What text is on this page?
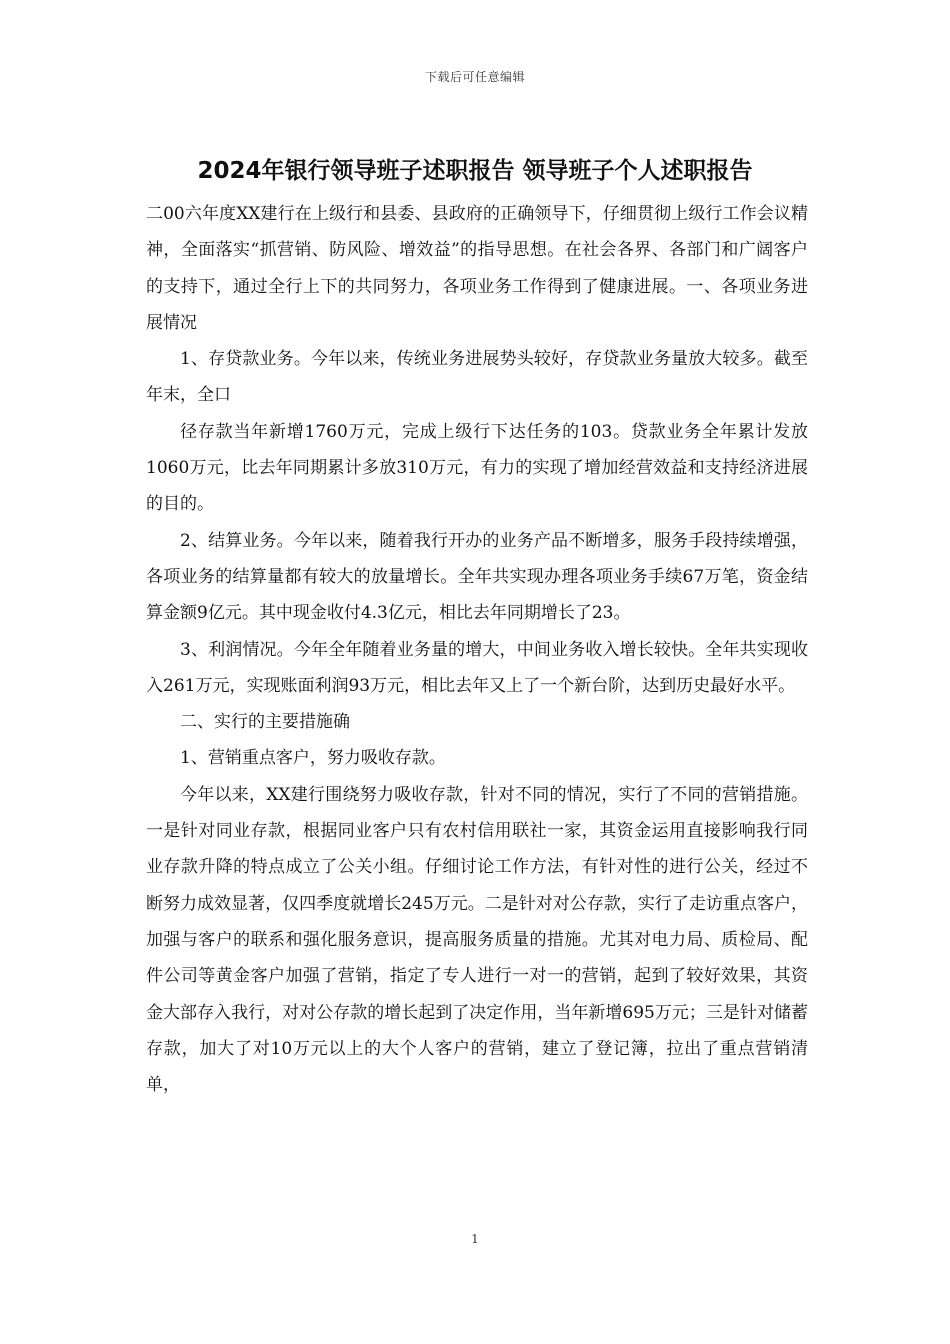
下载后可任意编辑
2024年银行领导班子述职报告 领导班子个人述职报告

二00六年度XX建行在上级行和县委、县政府的正确领导下，仔细贯彻上级行工作会议精神，全面落实“抓营销、防风险、增效益”的指导思想。在社会各界、各部门和广阔客户的支持下，通过全行上下的共同努力，各项业务工作得到了健康进展。一、各项业务进展情况

1、存贷款业务。今年以来，传统业务进展势头较好，存贷款业务量放大较多。截至年末，全口

径存款当年新增1760万元，完成上级行下达任务的103。贷款业务全年累计发放1060万元，比去年同期累计多放310万元，有力的实现了增加经营效益和支持经济进展的目的。

2、结算业务。今年以来，随着我行开办的业务产品不断增多，服务手段持续增强，各项业务的结算量都有较大的放量增长。全年共实现办理各项业务手续67万笔，资金结算金额9亿元。其中现金收付4.3亿元，相比去年同期增长了23。

3、利润情况。今年全年随着业务量的增大，中间业务收入增长较快。全年共实现收入261万元，实现账面利润93万元，相比去年又上了一个新台阶，达到历史最好水平。

二、实行的主要措施确

1、营销重点客户，努力吸收存款。

今年以来，XX建行围绕努力吸收存款，针对不同的情况，实行了不同的营销措施。一是针对同业存款，根据同业客户只有农村信用联社一家，其资金运用直接影响我行同业存款升降的特点成立了公关小组。仔细讨论工作方法，有针对性的进行公关，经过不断努力成效显著，仅四季度就增长245万元。二是针对对公存款，实行了走访重点客户，加强与客户的联系和强化服务意识，提高服务质量的措施。尤其对电力局、质检局、配件公司等黄金客户加强了营销，指定了专人进行一对一的营销，起到了较好效果，其资金大部存入我行，对对公存款的增长起到了决定作用，当年新增695万元；三是针对储蓄存款，加大了对10万元以上的大个人客户的营销，建立了登记簿，拉出了重点营销清单，

1
